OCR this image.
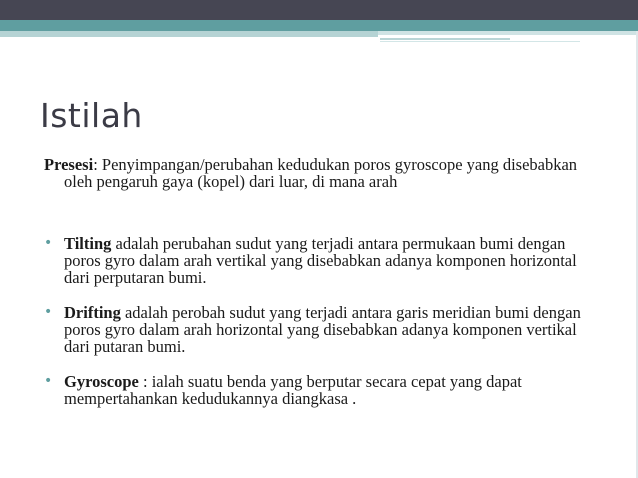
Istilah

Presesi: Penyimpangan/perubahan kedudukan poros gyroscope yang disebabkan oleh pengaruh gaya (kopel) dari luar, di mana arah

• Tilting adalah perubahan sudut yang terjadi antara permukaan bumi dengan poros gyro dalam arah vertikal yang disebabkan adanya komponen horizontal dari perputaran bumi.
• Drifting adalah perobah sudut yang terjadi antara garis meridian bumi dengan poros gyro dalam arah horizontal yang disebabkan adanya komponen vertikal dari putaran bumi.
• Gyroscope : ialah suatu benda yang berputar secara cepat yang dapat mempertahankan kedudukannya diangkasa .
